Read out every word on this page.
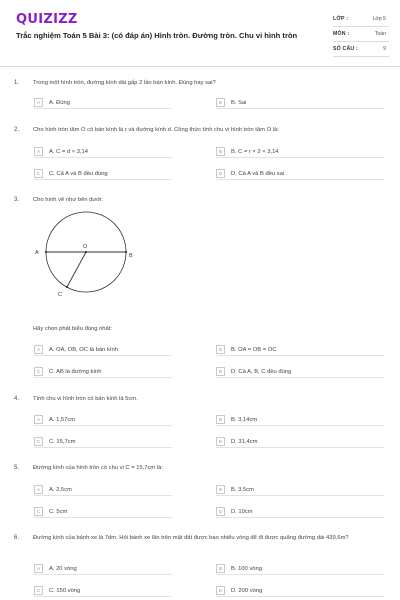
QUIZIZZ
Trắc nghiệm Toán 5 Bài 3: (có đáp án) Hình tròn. Đường tròn. Chu vi hình tròn
LỚP :	Lớp 5
MÔN :	Toán
SỐ CÂU :	9
1. Trong một hình tròn, đường kính dài gấp 2 lần bán kính. Đúng hay sai?
A	A. Đúng	B	B. Sai
2. Cho hình tròn tâm O có bán kính là r và đường kính d. Công thức tính chu vi hình tròn tâm O là:
A	A. C = d × 3,14	B	B. C = r × 2 × 3,14
C	C. Cả A và B đều đúng	D	D. Cả A và B đều sai
3. Cho hình vẽ như bên dưới:
A	B
O
C
Hãy chọn phát biểu đúng nhất:
A	A. OA, OB, OC là bán kính	B	B. OA = OB = OC
C	C. AB là đường kính	D	D. Cả A, B, C đều đúng
4. Tính chu vi hình tròn có bán kính là 5cm.
A	A. 1,57cm	B	B. 3,14cm
C	C. 15,7cm	D	D. 31,4cm
5. Đường kính của hình tròn có chu vi C = 15,7cm là:
A	A. 2,5cm	B	B. 3,5cm
C	C. 5cm	D	D. 10cm
6. Đường kính của bánh xe là 7dm. Hỏi bánh xe lăn trên mặt đất được bao nhiêu vòng để đi được quãng đường dài 439,6m?
A	A. 20 vòng	B	B. 100 vòng
C	C. 150 vòng	D	D. 200 vòng
